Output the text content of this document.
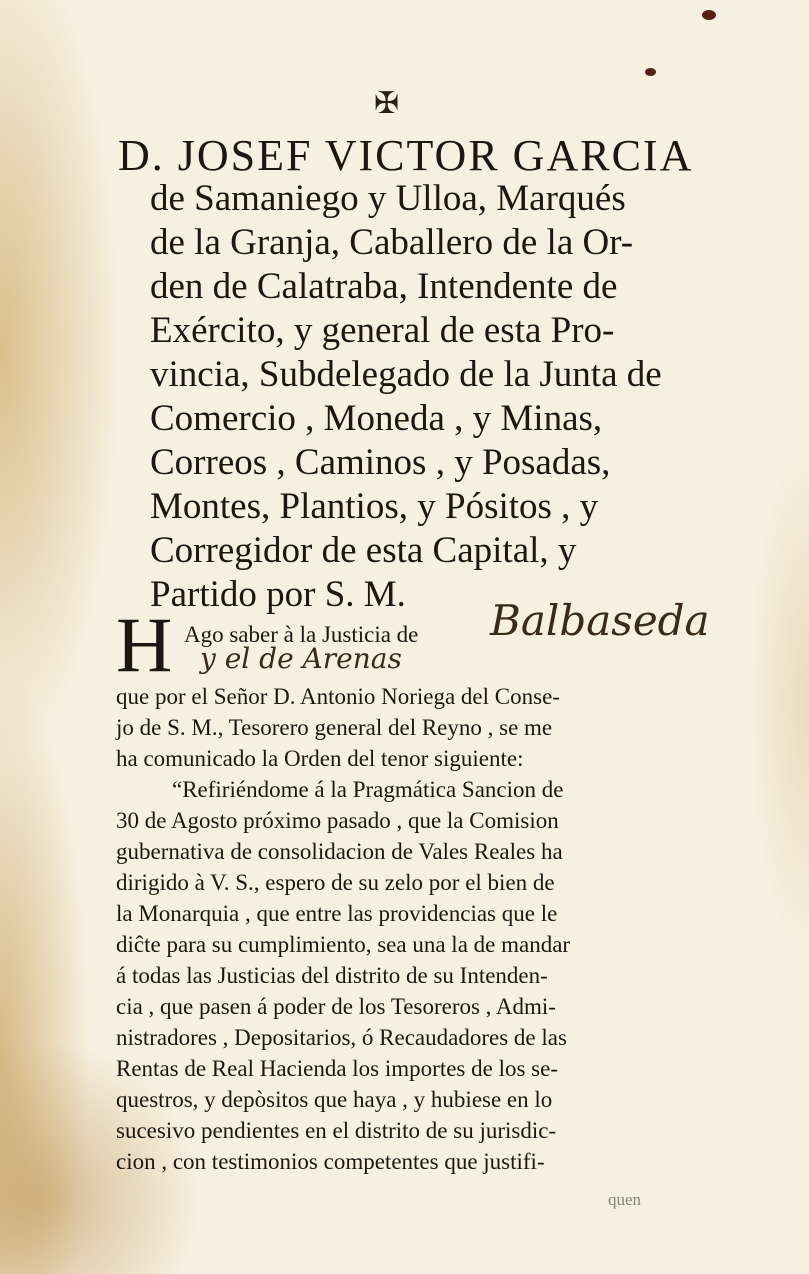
✠
D. JOSEF VICTOR GARCIA
de Samaniego y Ulloa, Marqués
de la Granja, Caballero de la Or-
den de Calatraba, Intendente de
Exército, y general de esta Pro-
vincia, Subdelegado de la Junta de
Comercio , Moneda , y Minas,
Correos , Caminos , y Posadas,
Montes, Plantios, y Pósitos , y
Corregidor de esta Capital, y
Partido por S. M.
H Ago saber à la Justicia de Balbaseda
y el de Arenas
que por el Señor D. Antonio Noriega del Conse-
jo de S. M., Tesorero general del Reyno , se me
ha comunicado la Orden del tenor siguiente:
“Refiriéndome á la Pragmática Sancion de
30 de Agosto próximo pasado , que la Comision
gubernativa de consolidacion de Vales Reales ha
dirigido à V. S., espero de su zelo por el bien de
la Monarquia , que entre las providencias que le
diĉte para su cumplimiento, sea una la de mandar
á todas las Justicias del distrito de su Intenden-
cia , que pasen á poder de los Tesoreros , Admi-
nistradores , Depositarios, ó Recaudadores de las
Rentas de Real Hacienda los importes de los se-
questros, y depòsitos que haya , y hubiese en lo
sucesivo pendientes en el distrito de su jurisdic-
cion , con testimonios competentes que justifi-
quen
